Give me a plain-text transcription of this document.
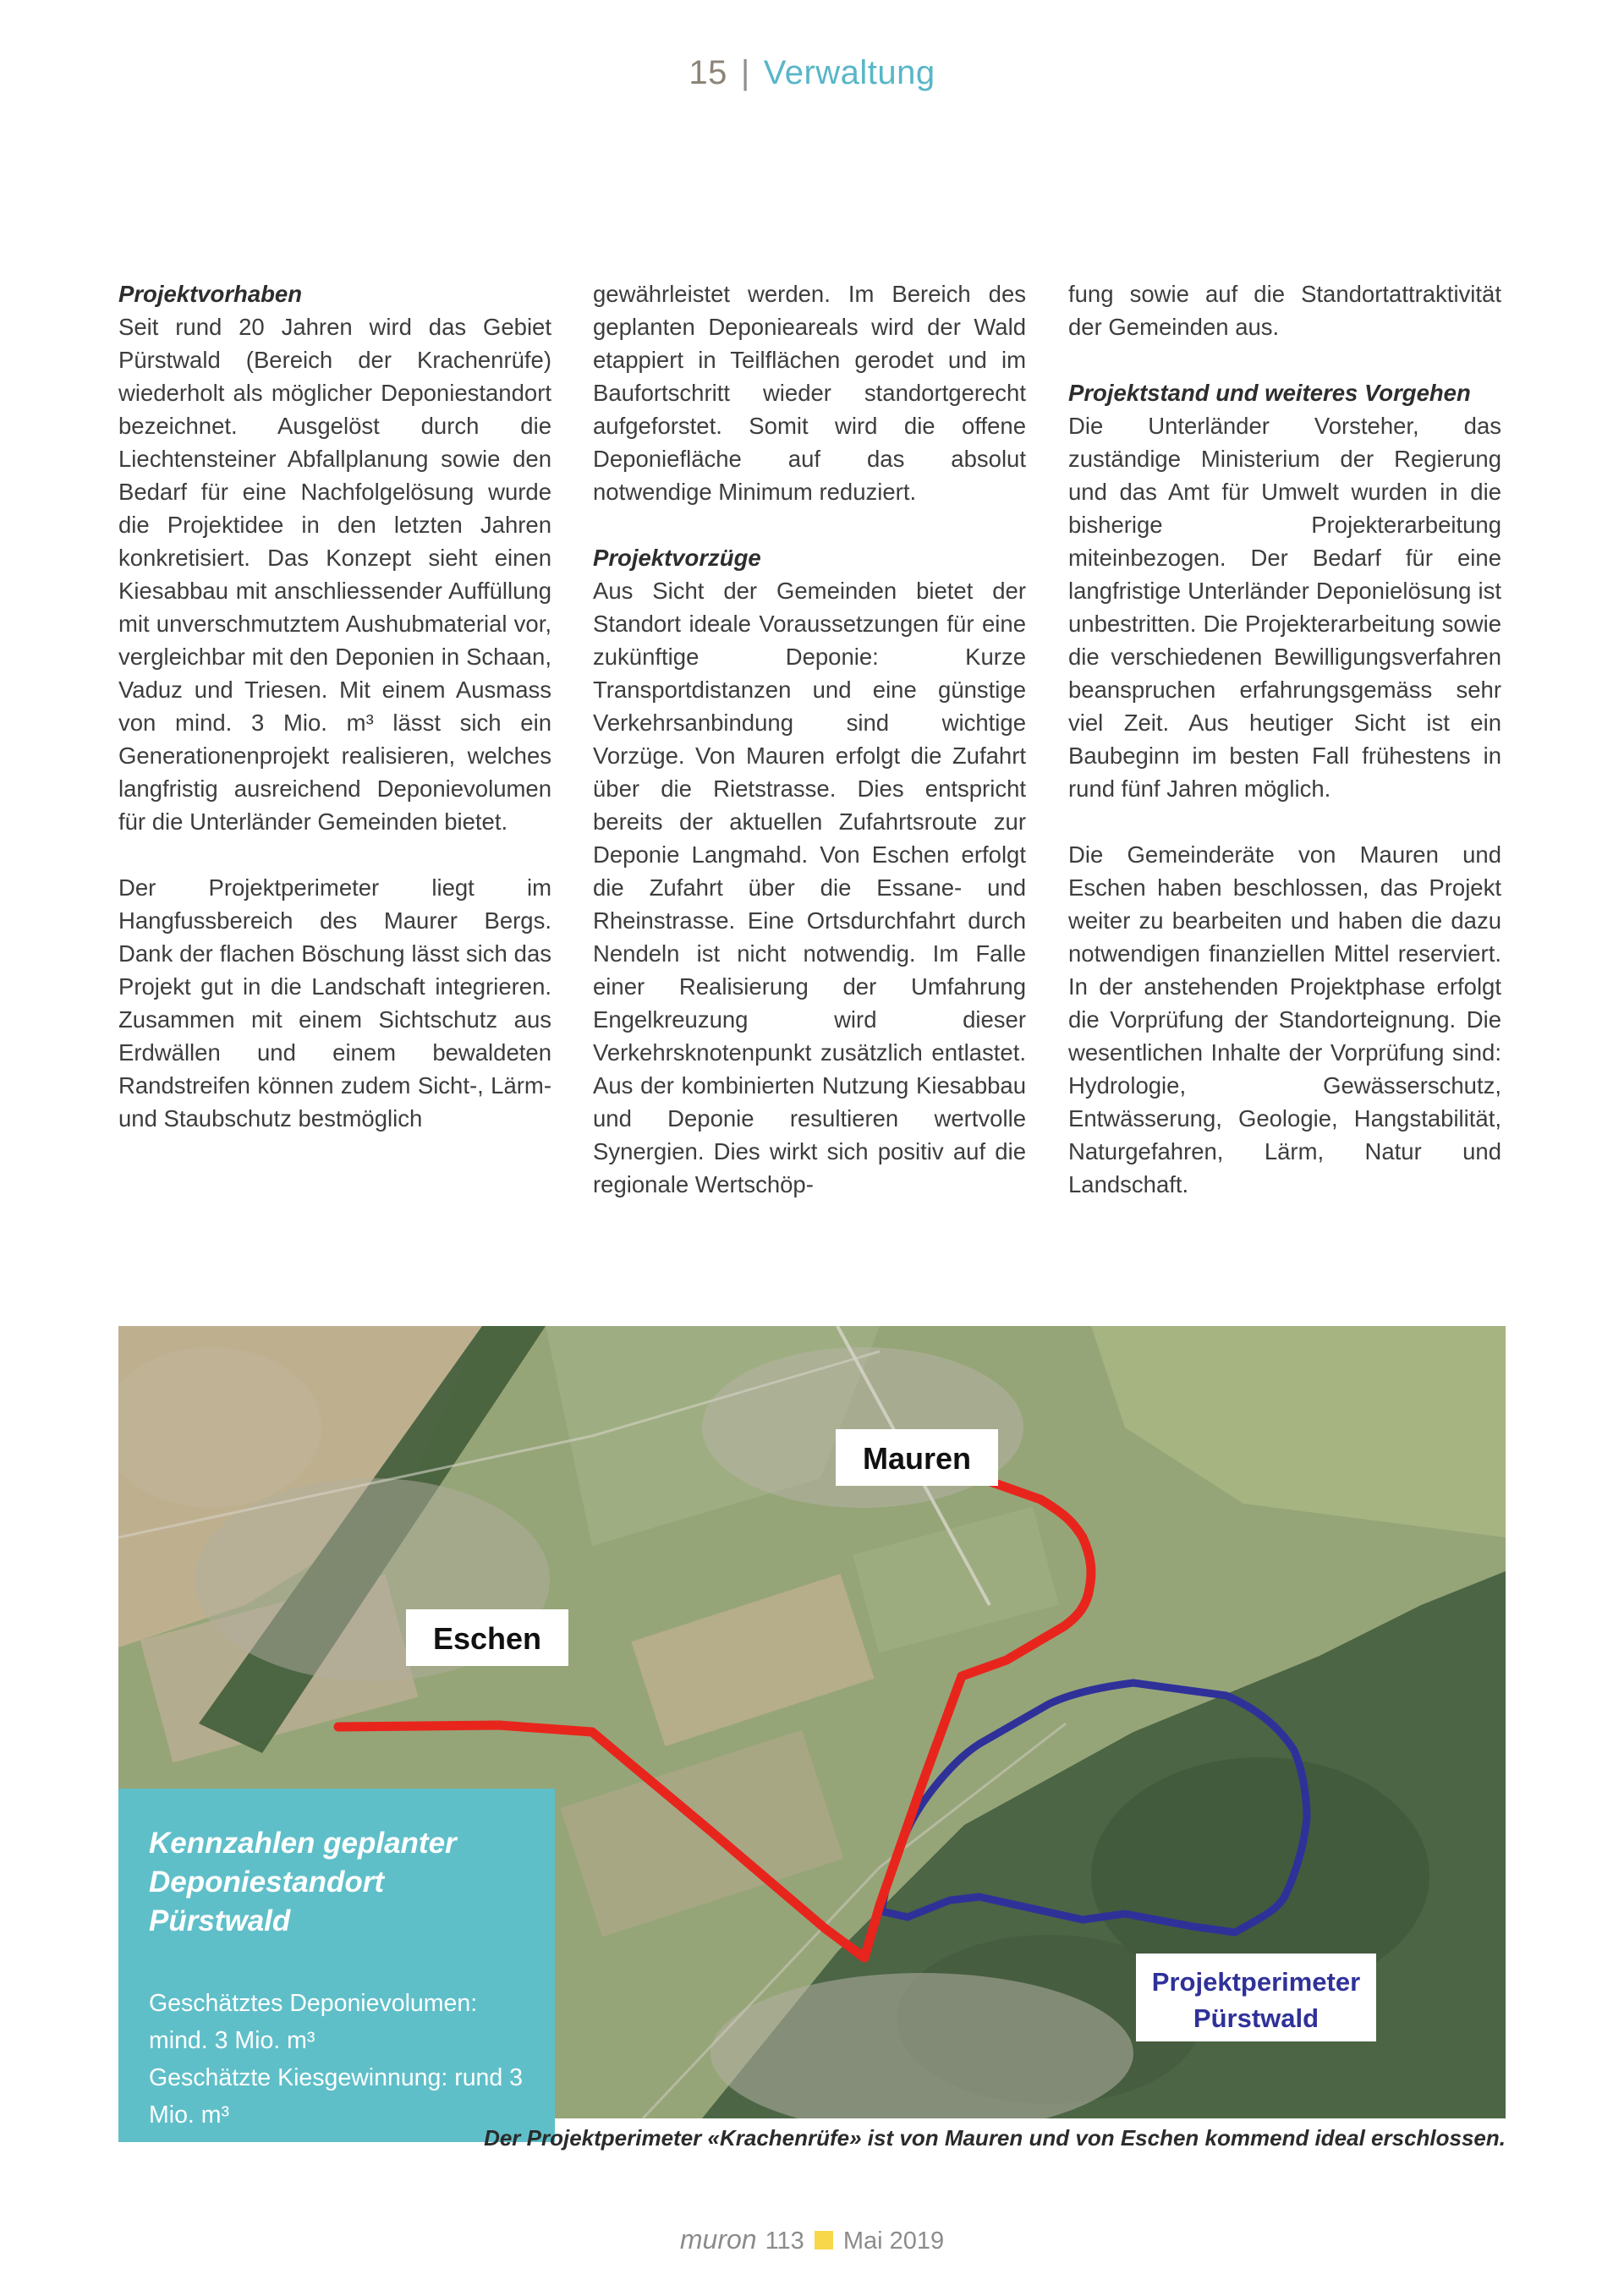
15 | Verwaltung
Projektvorhaben

Seit rund 20 Jahren wird das Gebiet Pürstwald (Bereich der Krachenrüfe) wiederholt als möglicher Deponiestandort bezeichnet. Ausgelöst durch die Liechtensteiner Abfallplanung sowie den Bedarf für eine Nachfolgelösung wurde die Projektidee in den letzten Jahren konkretisiert. Das Konzept sieht einen Kiesabbau mit anschliessender Auffüllung mit unverschmutztem Aushubmaterial vor, vergleichbar mit den Deponien in Schaan, Vaduz und Triesen. Mit einem Ausmass von mind. 3 Mio. m³ lässt sich ein Generationenprojekt realisieren, welches langfristig ausreichend Deponievolumen für die Unterländer Gemeinden bietet.

Der Projektperimeter liegt im Hangfussbereich des Maurer Bergs. Dank der flachen Böschung lässt sich das Projekt gut in die Landschaft integrieren. Zusammen mit einem Sichtschutz aus Erdwällen und einem bewaldeten Randstreifen können zudem Sicht-, Lärm- und Staubschutz bestmöglich

gewährleistet werden. Im Bereich des geplanten Deponieareals wird der Wald etappiert in Teilflächen gerodet und im Baufortschritt wieder standortgerecht aufgeforstet. Somit wird die offene Deponiefläche auf das absolut notwendige Minimum reduziert.

Projektvorzüge

Aus Sicht der Gemeinden bietet der Standort ideale Voraussetzungen für eine zukünftige Deponie: Kurze Transportdistanzen und eine günstige Verkehrsanbindung sind wichtige Vorzüge. Von Mauren erfolgt die Zufahrt über die Rietstrasse. Dies entspricht bereits der aktuellen Zufahrtsroute zur Deponie Langmahd. Von Eschen erfolgt die Zufahrt über die Essane- und Rheinstrasse. Eine Ortsdurchfahrt durch Nendeln ist nicht notwendig. Im Falle einer Realisierung der Umfahrung Engelkreuzung wird dieser Verkehrsknotenpunkt zusätzlich entlastet. Aus der kombinierten Nutzung Kiesabbau und Deponie resultieren wertvolle Synergien. Dies wirkt sich positiv auf die regionale Wertschöp-

fung sowie auf die Standortattraktivität der Gemeinden aus.

Projektstand und weiteres Vorgehen

Die Unterländer Vorsteher, das zuständige Ministerium der Regierung und das Amt für Umwelt wurden in die bisherige Projekterarbeitung miteinbezogen. Der Bedarf für eine langfristige Unterländer Deponielösung ist unbestritten. Die Projekterarbeitung sowie die verschiedenen Bewilligungsverfahren beanspruchen erfahrungsgemäss sehr viel Zeit. Aus heutiger Sicht ist ein Baubeginn im besten Fall frühestens in rund fünf Jahren möglich.

Die Gemeinderäte von Mauren und Eschen haben beschlossen, das Projekt weiter zu bearbeiten und haben die dazu notwendigen finanziellen Mittel reserviert. In der anstehenden Projektphase erfolgt die Vorprüfung der Standorteignung. Die wesentlichen Inhalte der Vorprüfung sind: Hydrologie, Gewässerschutz, Entwässerung, Geologie, Hangstabilität, Naturgefahren, Lärm, Natur und Landschaft.

Mauren
Eschen
Projektperimeter
Pürstwald
Kennzahlen geplanter
Deponiestandort Pürstwald
Geschätztes Deponievolumen: mind. 3 Mio. m³
Geschätzte Kiesgewinnung: rund 3 Mio. m³
Geschätzte Betriebsdauer: mind. 40 Jahre
Der Projektperimeter «Krachenrüfe» ist von Mauren und von Eschen kommend ideal erschlossen.
muron 113 Mai 2019
